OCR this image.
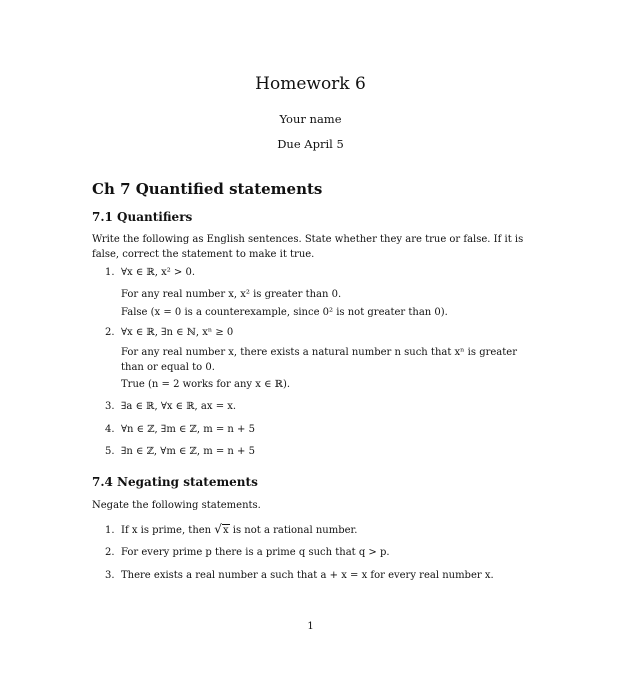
Homework 6
Your name
Due April 5
Ch 7 Quantified statements
7.1 Quantifiers
Write the following as English sentences. State whether they are true or false. If it is false, correct the statement to make it true.
1. ∀x ∈ ℝ, x² > 0.
For any real number x, x² is greater than 0.
False (x = 0 is a counterexample, since 0² is not greater than 0).
2. ∀x ∈ ℝ, ∃n ∈ ℕ, xⁿ ≥ 0
For any real number x, there exists a natural number n such that xⁿ is greater than or equal to 0.
True (n = 2 works for any x ∈ ℝ).
3. ∃a ∈ ℝ, ∀x ∈ ℝ, ax = x.
4. ∀n ∈ ℤ, ∃m ∈ ℤ, m = n + 5
5. ∃n ∈ ℤ, ∀m ∈ ℤ, m = n + 5
7.4 Negating statements
Negate the following statements.
1. If x is prime, then √x is not a rational number.
2. For every prime p there is a prime q such that q > p.
3. There exists a real number a such that a + x = x for every real number x.
1
